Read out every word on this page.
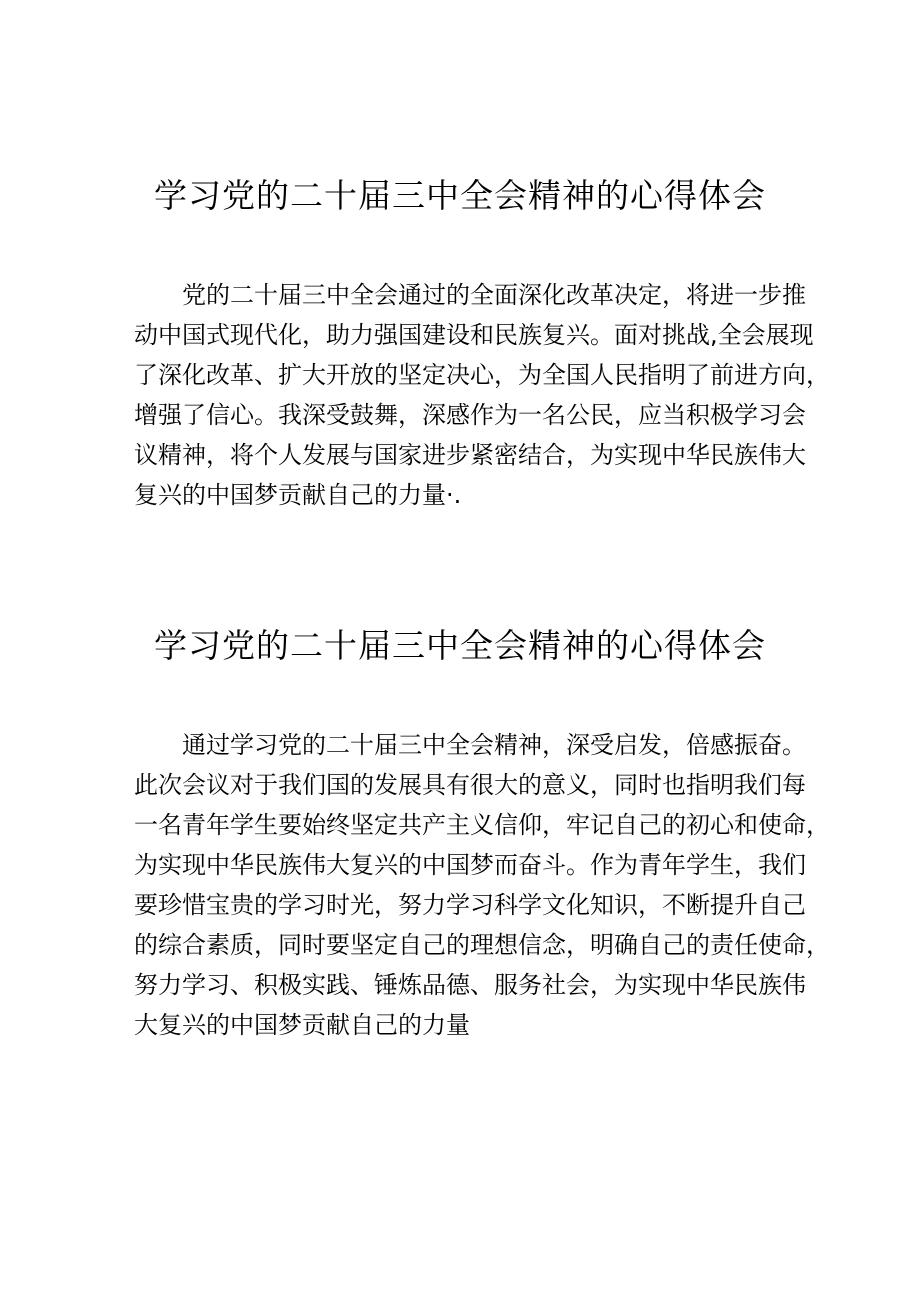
学习党的二十届三中全会精神的心得体会
党的二十届三中全会通过的全面深化改革决定，将进一步推
动中国式现代化，助力强国建设和民族复兴。面对挑战,全会展现
了深化改革、扩大开放的坚定决心，为全国人民指明了前进方向，
增强了信心。我深受鼓舞，深感作为一名公民，应当积极学习会
议精神，将个人发展与国家进步紧密结合，为实现中华民族伟大
复兴的中国梦贡献自己的力量·.
学习党的二十届三中全会精神的心得体会
通过学习党的二十届三中全会精神，深受启发，倍感振奋。
此次会议对于我们国的发展具有很大的意义，同时也指明我们每
一名青年学生要始终坚定共产主义信仰，牢记自己的初心和使命，
为实现中华民族伟大复兴的中国梦而奋斗。作为青年学生，我们
要珍惜宝贵的学习时光，努力学习科学文化知识，不断提升自己
的综合素质，同时要坚定自己的理想信念，明确自己的责任使命，
努力学习、积极实践、锤炼品德、服务社会，为实现中华民族伟
大复兴的中国梦贡献自己的力量
